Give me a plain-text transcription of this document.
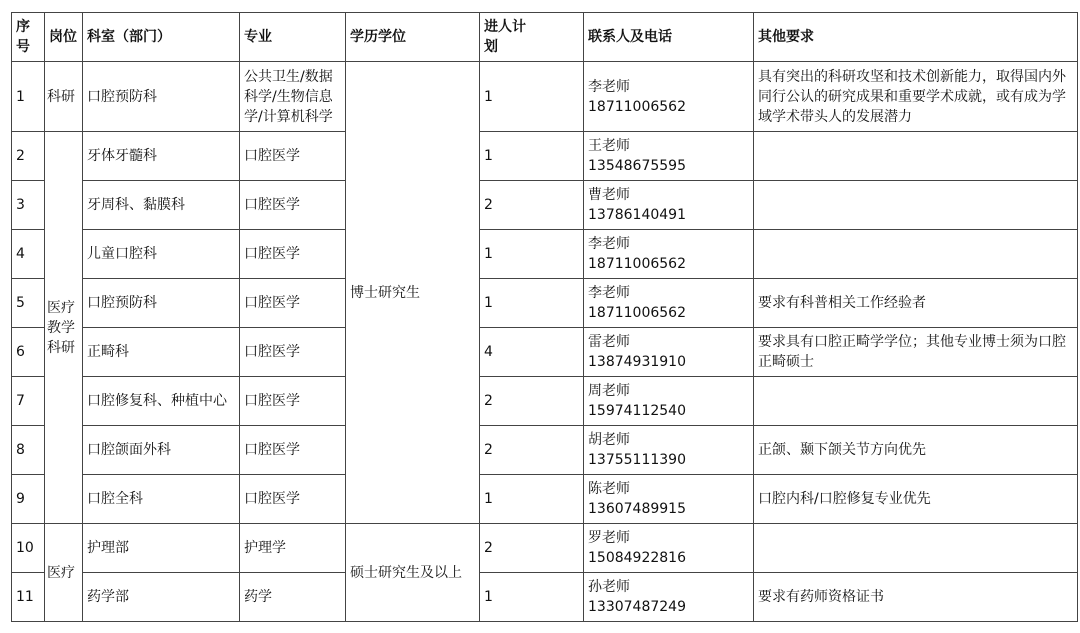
序号	岗位	科室（部门）	专业	学历学位	进人计划	联系人及电话	其他要求
1	科研	口腔预防科	公共卫生/数据科学/生物信息学/计算机科学	博士研究生	1	李老师
18711006562	具有突出的科研攻坚和技术创新能力，取得国内外同行公认的研究成果和重要学术成就，或有成为学域学术带头人的发展潜力
2	医疗教学科研	牙体牙髓科	口腔医学		1	王老师
13548675595	

3		牙周科、黏膜科	口腔医学		2	曹老师
13786140491	

4		儿童口腔科	口腔医学		1	李老师
18711006562	

5		口腔预防科	口腔医学		1	李老师
18711006562	要求有科普相关工作经验者
6		正畸科	口腔医学		4	雷老师
13874931910	要求具有口腔正畸学学位；其他专业博士须为口腔正畸硕士
7		口腔修复科、种植中心	口腔医学		2	周老师
15974112540	

8		口腔颌面外科	口腔医学		2	胡老师
13755111390	正颌、颞下颌关节方向优先
9		口腔全科	口腔医学		1	陈老师
13607489915	口腔内科/口腔修复专业优先
10	医疗	护理部	护理学	硕士研究生及以上	2	罗老师
15084922816	

11		药学部	药学		1	孙老师
13307487249	要求有药师资格证书
